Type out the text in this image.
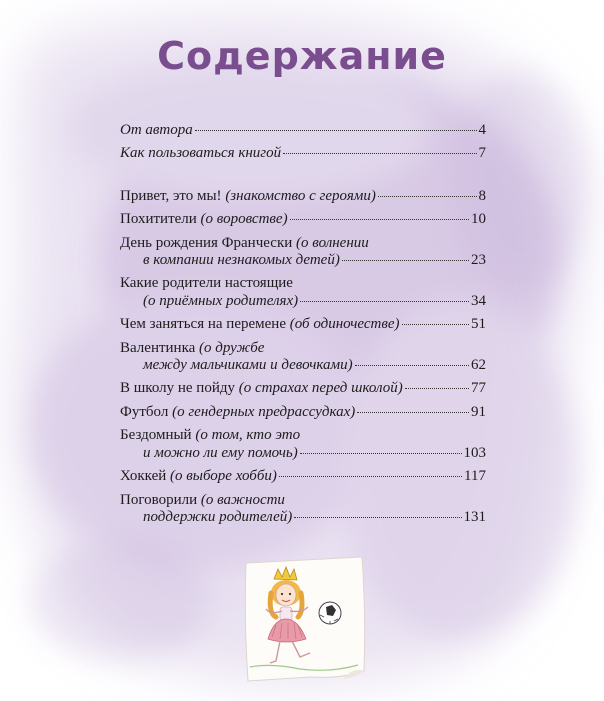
Содержание
От автора	4
Как пользоваться книгой	7
Привет, это мы!
(знакомство с героями)	8
Похитители
(о воровстве)	10
День рождения Франчески
(о волнении
в компании незнакомых детей)	23
Какие родители настоящие
(о приёмных родителях)	34
Чем заняться на перемене
(об одиночестве)	51
Валентинка
(о дружбе
между мальчиками и девочками)	62
В школу не пойду
(о страхах перед школой)	77
Футбол
(о гендерных предрассудках)	91
Бездомный
(о том, кто это
и можно ли ему помочь)	103
Хоккей
(о выборе хобби)	117
Поговорили
(о важности
поддержки родителей)	131
